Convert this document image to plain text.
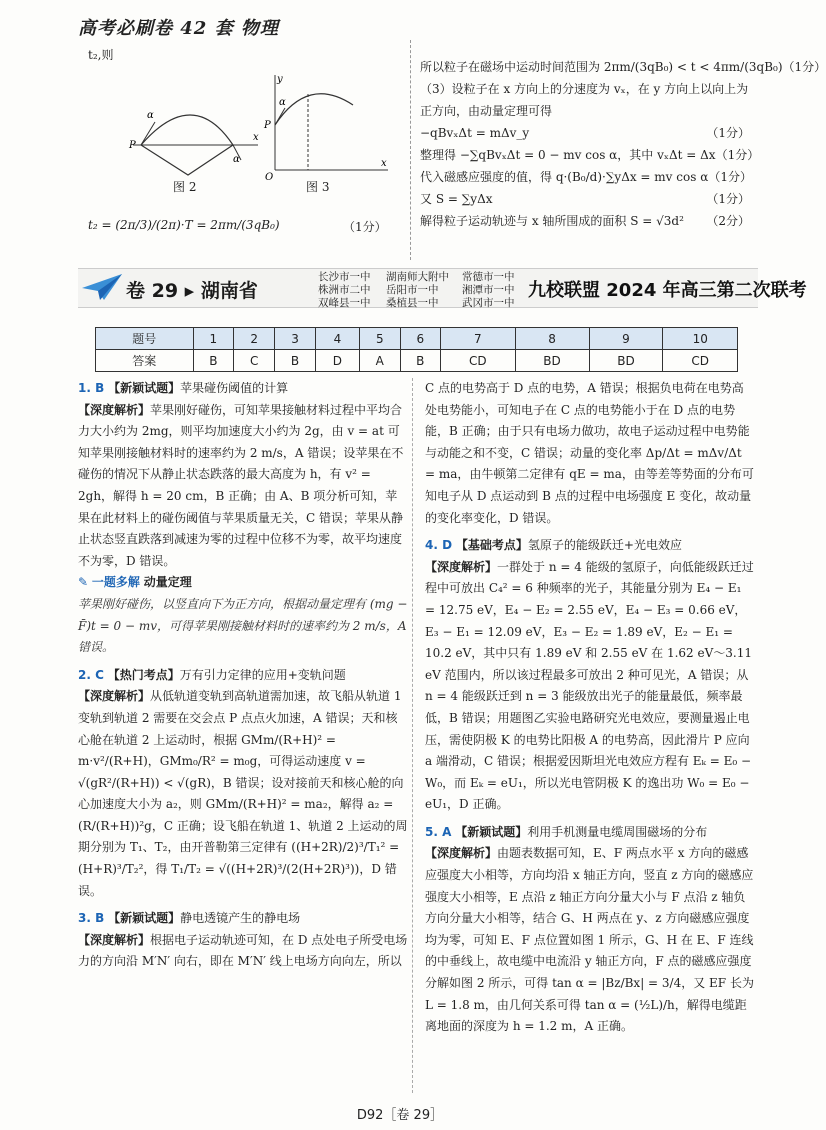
高考必刷卷 42 套 物理
t₂,则
P
α
α
x
图 2
y
P
α
O
x
图 3
t₂ = (2π/3)/(2π)·T = 2πm/(3qB₀)	（1分）
所以粒子在磁场中运动时间范围为 2πm/(3qB₀) < t < 4πm/(3qB₀) （1分）
（3）设粒子在 x 方向上的分速度为 vₓ，在 y 方向上以向上为
正方向，由动量定理可得
−qBvₓΔt = mΔv_y	（1分）
整理得 −∑qBvₓΔt = 0 − mv cos α，其中 vₓΔt = Δx （1分）
代入磁感应强度的值，得 q·(B₀/d)·∑yΔx = mv cos α （1分）
又 S = ∑yΔx	（1分）
解得粒子运动轨迹与 x 轴所围成的面积 S = √3d² （2分）
卷 29 ▸ 湖南省
长沙市一中	湖南师大附中	常德市一中
株洲市二中	岳阳市一中	湘潭市一中
双峰县一中	桑植县一中	武冈市一中
九校联盟 2024 年高三第二次联考
题号	1	2	3	4	5	6	7	8	9	10
答案	B	C	B	D	A	B	CD	BD	BD	CD

1. B 【新颖试题】苹果碰伤阈值的计算

【深度解析】苹果刚好碰伤，可知苹果接触材料过程中平均合力大小约为 2mg，则平均加速度大小约为 2g，由 v = at 可知苹果刚接触材料时的速率约为 2 m/s，A 错误；设苹果在不碰伤的情况下从静止状态跌落的最大高度为 h，有 v² = 2gh，解得 h = 20 cm，B 正确；由 A、B 项分析可知，苹果在此材料上的碰伤阈值与苹果质量无关，C 错误；苹果从静止状态竖直跌落到减速为零的过程中位移不为零，故平均速度不为零，D 错误。

✎ 一题多解 动量定理

苹果刚好碰伤，以竖直向下为正方向，根据动量定理有 (mg − F̄)t = 0 − mv，可得苹果刚接触材料时的速率约为 2 m/s，A 错误。

2. C 【热门考点】万有引力定律的应用+变轨问题

【深度解析】从低轨道变轨到高轨道需加速，故飞船从轨道 1 变轨到轨道 2 需要在交会点 P 点点火加速，A 错误；天和核心舱在轨道 2 上运动时，根据 GMm/(R+H)² = m·v²/(R+H)，GMm₀/R² = m₀g，可得运动速度 v = √(gR²/(R+H)) < √(gR)，B 错误；设对接前天和核心舱的向心加速度大小为 a₂，则 GMm/(R+H)² = ma₂，解得 a₂ = (R/(R+H))²g，C 正确；设飞船在轨道 1、轨道 2 上运动的周期分别为 T₁、T₂，由开普勒第三定律有 ((H+2R)/2)³/T₁² = (H+R)³/T₂²，得 T₁/T₂ = √((H+2R)³/(2(H+2R)³))，D 错误。

3. B 【新颖试题】静电透镜产生的静电场

【深度解析】根据电子运动轨迹可知，在 D 点处电子所受电场力的方向沿 M′N′ 向右，即在 M′N′ 线上电场方向向左，所以

C 点的电势高于 D 点的电势，A 错误；根据负电荷在电势高处电势能小，可知电子在 C 点的电势能小于在 D 点的电势能，B 正确；由于只有电场力做功，故电子运动过程中电势能与动能之和不变，C 错误；动量的变化率 Δp/Δt = mΔv/Δt = ma，由牛顿第二定律有 qE = ma，由等差等势面的分布可知电子从 D 点运动到 B 点的过程中电场强度 E 变化，故动量的变化率变化，D 错误。

4. D 【基础考点】氢原子的能级跃迁+光电效应

【深度解析】一群处于 n = 4 能级的氢原子，向低能级跃迁过程中可放出 C₄² = 6 种频率的光子，其能量分别为 E₄ − E₁ = 12.75 eV，E₄ − E₂ = 2.55 eV，E₄ − E₃ = 0.66 eV，E₃ − E₁ = 12.09 eV，E₃ − E₂ = 1.89 eV，E₂ − E₁ = 10.2 eV，其中只有 1.89 eV 和 2.55 eV 在 1.62 eV～3.11 eV 范围内，所以该过程最多可放出 2 种可见光，A 错误；从 n = 4 能级跃迁到 n = 3 能级放出光子的能量最低，频率最低，B 错误；用题图乙实验电路研究光电效应，要测量遏止电压，需使阴极 K 的电势比阳极 A 的电势高，因此滑片 P 应向 a 端滑动，C 错误；根据爱因斯坦光电效应方程有 Eₖ = E₀ − W₀，而 Eₖ = eU₁，所以光电管阴极 K 的逸出功 W₀ = E₀ − eU₁，D 正确。

5. A 【新颖试题】利用手机测量电缆周围磁场的分布

【深度解析】由题表数据可知，E、F 两点水平 x 方向的磁感应强度大小相等，方向均沿 x 轴正方向，竖直 z 方向的磁感应强度大小相等，E 点沿 z 轴正方向分量大小与 F 点沿 z 轴负方向分量大小相等，结合 G、H 两点在 y、z 方向磁感应强度均为零，可知 E、F 点位置如图 1 所示，G、H 在 E、F 连线的中垂线上，故电缆中电流沿 y 轴正方向，F 点的磁感应强度分解如图 2 所示，可得 tan α = |Bz/Bx| = 3/4，又 EF 长为 L = 1.8 m，由几何关系可得 tan α = (½L)/h，解得电缆距离地面的深度为 h = 1.2 m，A 正确。

D92［卷 29］
